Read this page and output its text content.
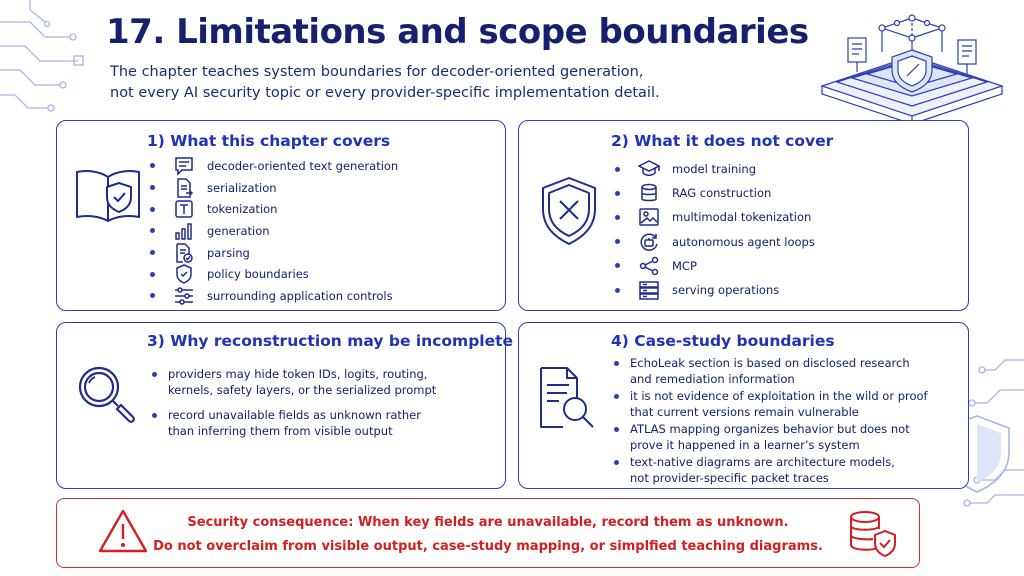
17. Limitations and scope boundaries
The chapter teaches system boundaries for decoder-oriented generation,
not every AI security topic or every provider-specific implementation detail.
1) What this chapter covers
decoder-oriented text generation
serialization
tokenization
generation
parsing
policy boundaries
surrounding application controls
2) What it does not cover
model training
RAG construction
multimodal tokenization
autonomous agent loops
MCP
serving operations
3) Why reconstruction may be incomplete
providers may hide token IDs, logits, routing,
kernels, safety layers, or the serialized prompt
record unavailable fields as unknown rather
than inferring them from visible output
4) Case-study boundaries
EchoLeak section is based on disclosed research
and remediation information
it is not evidence of exploitation in the wild or proof
that current versions remain vulnerable
ATLAS mapping organizes behavior but does not
prove it happened in a learner’s system
text-native diagrams are architecture models,
not provider-specific packet traces
Security consequence: When key fields are unavailable, record them as unknown.
Do not overclaim from visible output, case-study mapping, or simplfied teaching diagrams.
